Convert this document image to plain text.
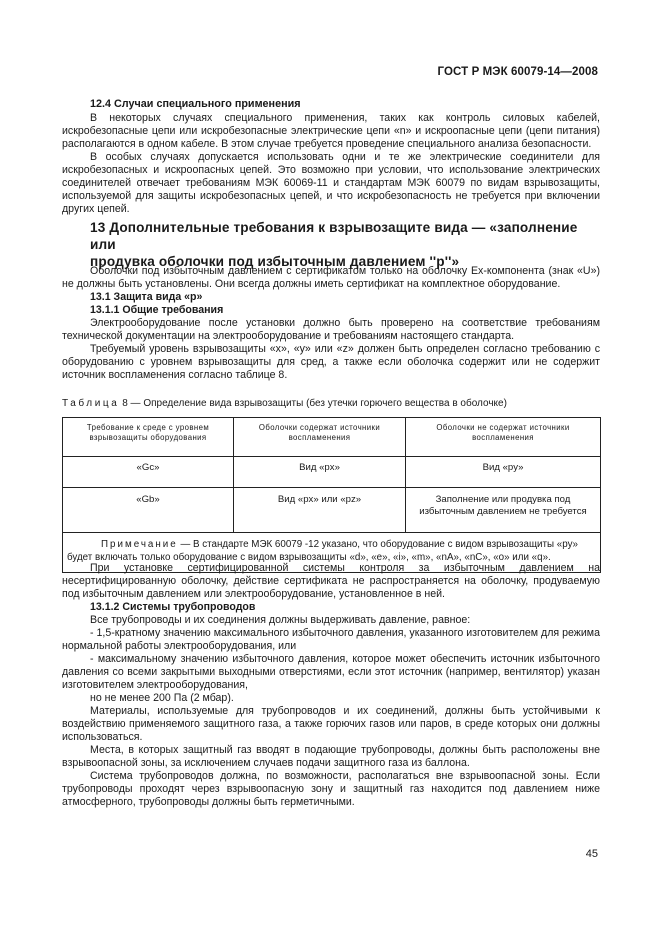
ГОСТ Р МЭК 60079-14—2008
12.4 Случаи специального применения

В некоторых случаях специального применения, таких как контроль силовых кабелей, искробезопасные цепи или искробезопасные электрические цепи «n» и искроопасные цепи (цепи питания) располагаются в одном кабеле. В этом случае требуется проведение специального анализа безопасности.

В особых случаях допускается использовать одни и те же электрические соединители для искробезопасных и искроопасных цепей. Это возможно при условии, что использование электрических соединителей отвечает требованиям МЭК 60069-11 и стандартам МЭК 60079 по видам взрывозащиты, используемой для защиты искробезопасных цепей, и что искробезопасность не требуется при включении других цепей.

13 Дополнительные требования к взрывозащите вида — «заполнение или
продувка оболочки под избыточным давлением ''p''»

Оболочки под избыточным давлением с сертификатом только на оболочку Ex-компонента (знак «U») не должны быть установлены. Они всегда должны иметь сертификат на комплектное оборудование.

13.1 Защита вида «p»
13.1.1 Общие требования

Электрооборудование после установки должно быть проверено на соответствие требованиям технической документации на электрооборудование и требованиям настоящего стандарта.

Требуемый уровень взрывозащиты «x», «y» или «z» должен быть определен согласно требованию с оборудованию с уровнем взрывозащиты для сред, а также если оболочка содержит или не содержит источник воспламенения согласно таблице 8.

Таблица 8 — Определение вида взрывозащиты (без утечки горючего вещества в оболочке)
Требование к среде с уровнем взрывозащиты оборудования	Оболочки содержат источники воспламенения	Оболочки не содержат источники воспламенения
«Gc»	Вид «px»	Вид «py»
«Gb»	Вид «px» или «pz»	Заполнение или продувка под избыточным давлением не требуется
Примечание — В стандарте МЭК 60079 -12 указано, что оборудование с видом взрывозащиты «py» будет включать только оборудование с видом взрывозащиты «d», «e», «i», «m», «nA», «nC», «o» или «q».		

При установке сертифицированной системы контроля за избыточным давлением на несертифицированную оболочку, действие сертификата не распространяется на оболочку, продуваемую под избыточным давлением или электрооборудование, установленное в ней.

13.1.2 Системы трубопроводов

Все трубопроводы и их соединения должны выдерживать давление, равное:

- 1,5-кратному значению максимального избыточного давления, указанного изготовителем для режима нормальной работы электрооборудования, или

- максимальному значению избыточного давления, которое может обеспечить источник избыточного давления со всеми закрытыми выходными отверстиями, если этот источник (например, вентилятор) указан изготовителем электрооборудования,

но не менее 200 Па (2 мбар).

Материалы, используемые для трубопроводов и их соединений, должны быть устойчивыми к воздействию применяемого защитного газа, а также горючих газов или паров, в среде которых они должны использоваться.

Места, в которых защитный газ вводят в подающие трубопроводы, должны быть расположены вне взрывоопасной зоны, за исключением случаев подачи защитного газа из баллона.

Система трубопроводов должна, по возможности, располагаться вне взрывоопасной зоны. Если трубопроводы проходят через взрывоопасную зону и защитный газ находится под давлением ниже атмосферного, трубопроводы должны быть герметичными.

45
